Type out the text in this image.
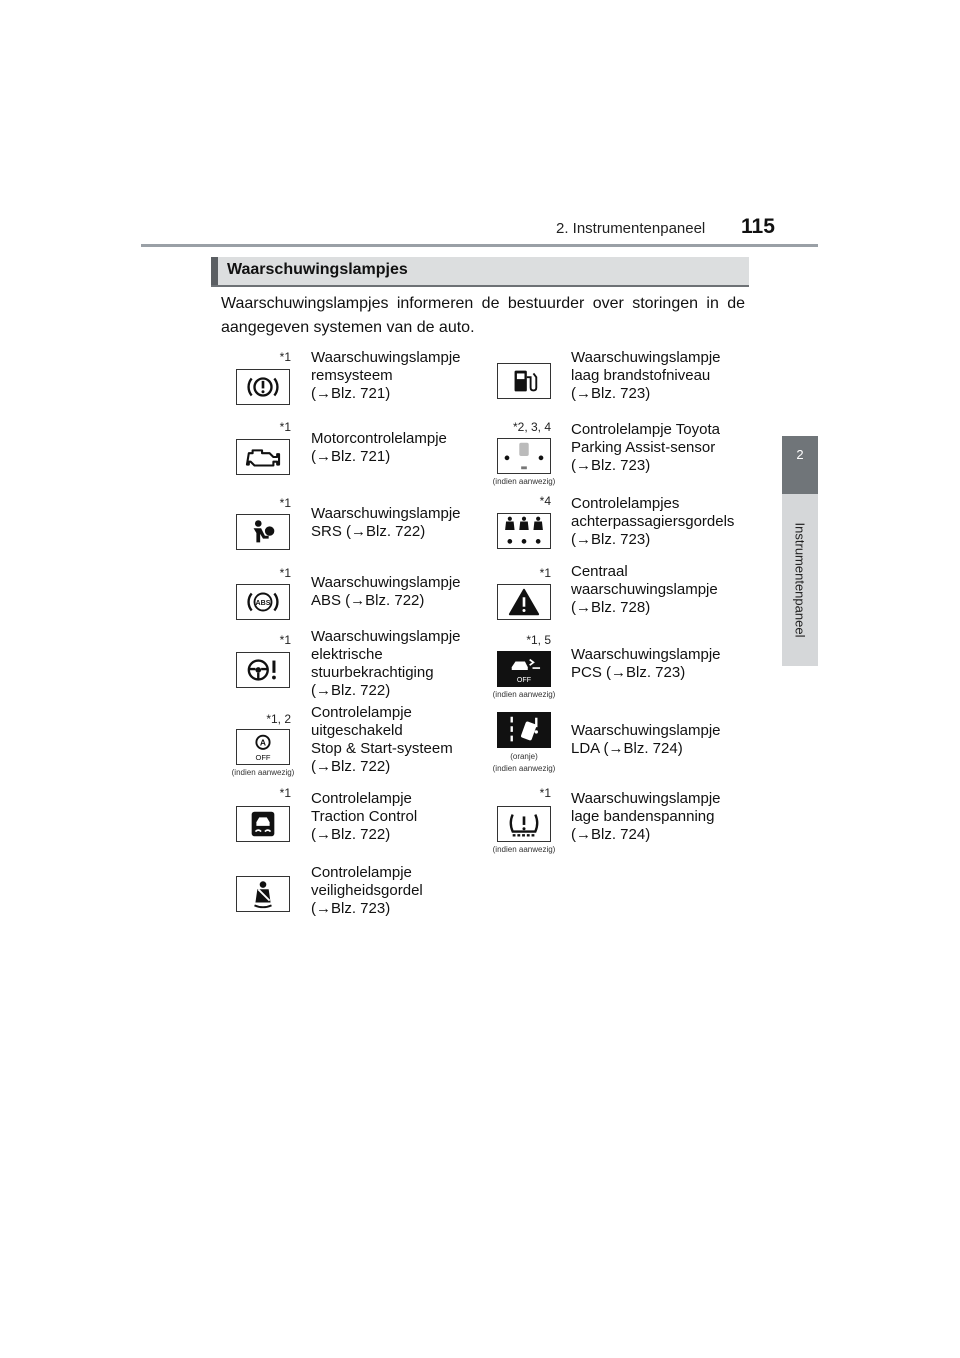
2. Instrumentenpaneel 115
2
Instrumentenpaneel
Waarschuwingslampjes
Waarschuwingslampjes informeren de bestuurder over storingen in de aangegeven systemen van de auto.
*1 Waarschuwingslampje
remsysteem
(→Blz. 721)
*1
Motorcontrolelampje
(→Blz. 721)
*1
Waarschuwingslampje
SRS (→Blz. 722)
*1
ABS
Waarschuwingslampje
ABS (→Blz. 722)
*1 Waarschuwingslampje
elektrische
stuurbekrachtiging
(→Blz. 722)
*1, 2
A
OFF
(indien aanwezig)
Controlelampje
uitgeschakeld
Stop & Start-systeem
(→Blz. 722)
*1 Controlelampje
Traction Control
(→Blz. 722)
Controlelampje
veiligheidsgordel
(→Blz. 723)
Waarschuwingslampje
laag brandstofniveau
(→Blz. 723)
*2, 3, 4
(indien aanwezig)
Controlelampje Toyota
Parking Assist-sensor
(→Blz. 723)
*4 Controlelampjes
achterpassagiersgordels
(→Blz. 723)
*1 Centraal
waarschuwingslampje
(→Blz. 728)
*1, 5
OFF
(indien aanwezig)
Waarschuwingslampje
PCS (→Blz. 723)
(oranje)
(indien aanwezig)
Waarschuwingslampje
LDA (→Blz. 724)
*1
(indien aanwezig)
Waarschuwingslampje
lage bandenspanning
(→Blz. 724)
